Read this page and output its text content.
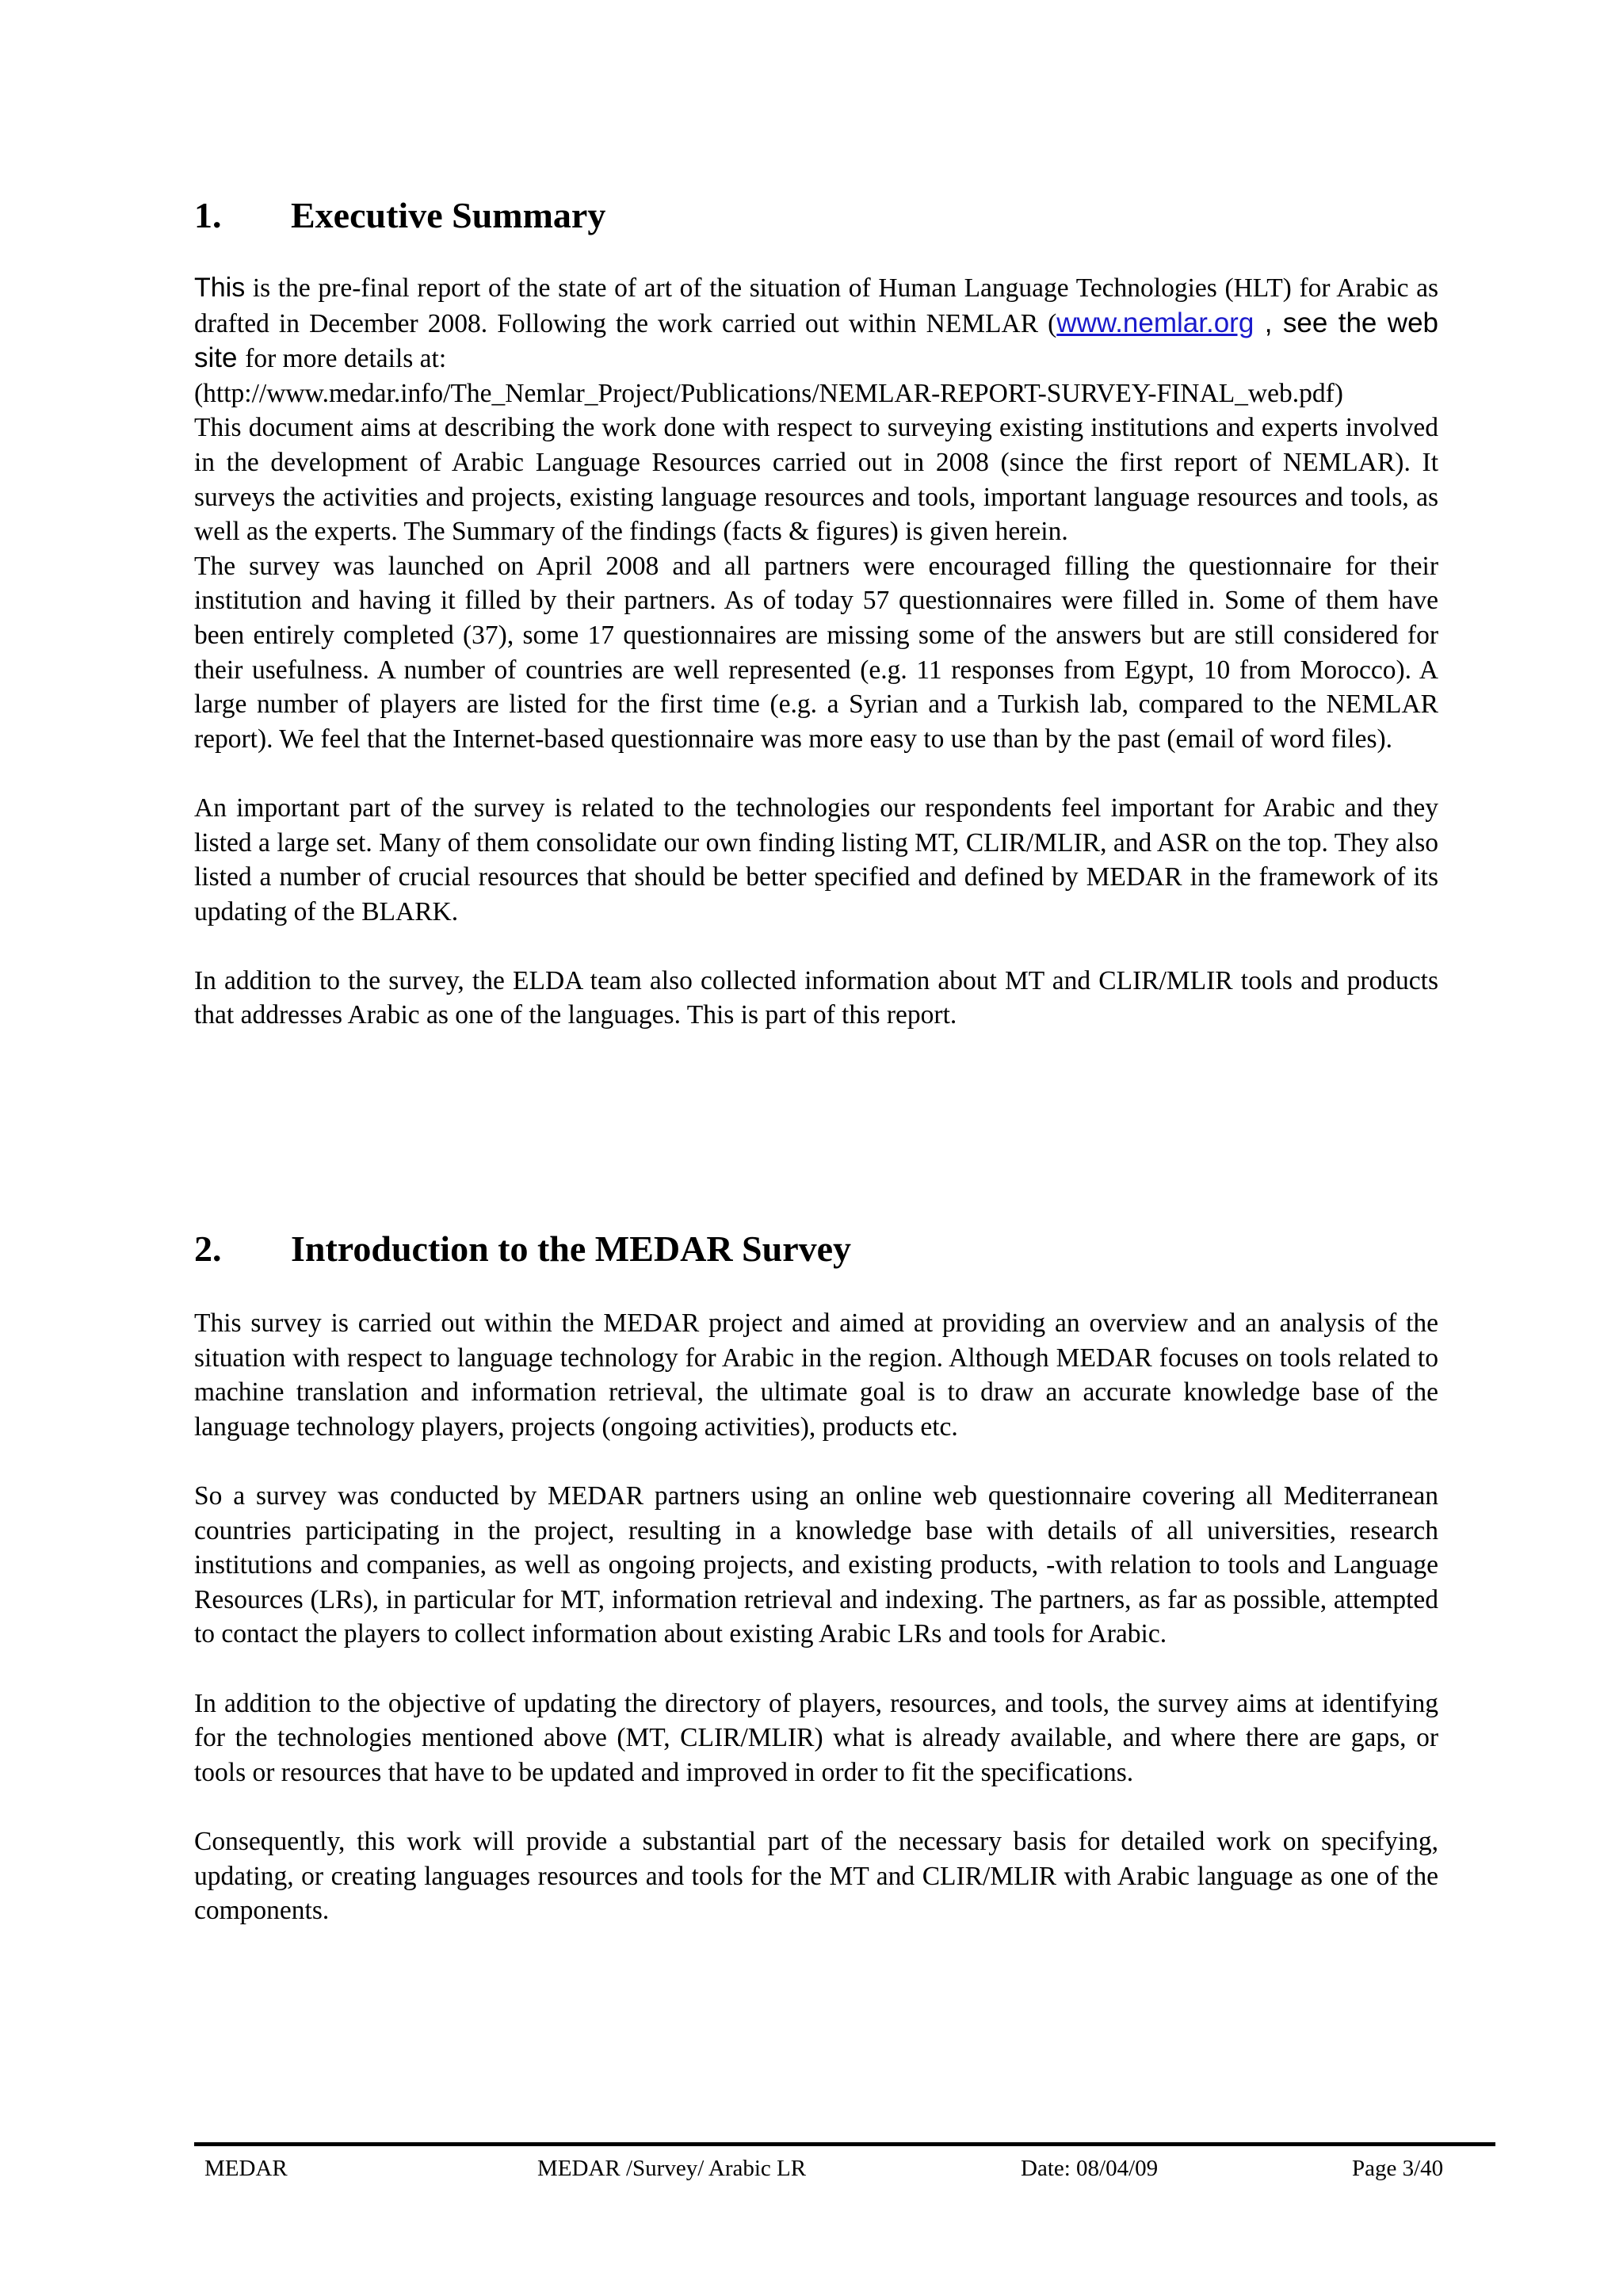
1.	Executive Summary

This is the pre-final report of the state of art of the situation of Human Language Technologies (HLT) for Arabic as drafted in December 2008. Following the work carried out within NEMLAR (www.nemlar.org , see the web site for more details at:

(http://www.medar.info/The_Nemlar_Project/Publications/NEMLAR-REPORT-SURVEY-FINAL_web.pdf)

This document aims at describing the work done with respect to surveying existing institutions and experts involved in the development of Arabic Language Resources carried out in 2008 (since the first report of NEMLAR). It surveys the activities and projects, existing language resources and tools, important language resources and tools, as well as the experts. The Summary of the findings (facts & figures) is given herein.

The survey was launched on April 2008 and all partners were encouraged filling the questionnaire for their institution and having it filled by their partners. As of today 57 questionnaires were filled in. Some of them have been entirely completed (37), some 17 questionnaires are missing some of the answers but are still considered for their usefulness. A number of countries are well represented (e.g. 11 responses from Egypt, 10 from Morocco). A large number of players are listed for the first time (e.g. a Syrian and a Turkish lab, compared to the NEMLAR report). We feel that the Internet-based questionnaire was more easy to use than by the past (email of word files).

An important part of the survey is related to the technologies our respondents feel important for Arabic and they listed a large set. Many of them consolidate our own finding listing MT, CLIR/MLIR, and ASR on the top. They also listed a number of crucial resources that should be better specified and defined by MEDAR in the framework of its updating of the BLARK.

In addition to the survey, the ELDA team also collected information about MT and CLIR/MLIR tools and products that addresses Arabic as one of the languages. This is part of this report.

2.	Introduction to the MEDAR Survey

This survey is carried out within the MEDAR project and aimed at providing an overview and an analysis of the situation with respect to language technology for Arabic in the region. Although MEDAR focuses on tools related to machine translation and information retrieval, the ultimate goal is to draw an accurate knowledge base of the language technology players, projects (ongoing activities), products etc.

So a survey was conducted by MEDAR partners using an online web questionnaire covering all Mediterranean countries participating in the project, resulting in a knowledge base with details of all universities, research institutions and companies, as well as ongoing projects, and existing products, -with relation to tools and Language Resources (LRs), in particular for MT, information retrieval and indexing. The partners, as far as possible, attempted to contact the players to collect information about existing Arabic LRs and tools for Arabic.

In addition to the objective of updating the directory of players, resources, and tools, the survey aims at identifying for the technologies mentioned above (MT, CLIR/MLIR) what is already available, and where there are gaps, or tools or resources that have to be updated and improved in order to fit the specifications.

Consequently, this work will provide a substantial part of the necessary basis for detailed work on specifying, updating, or creating languages resources and tools for the MT and CLIR/MLIR with Arabic language as one of the components.

MEDAR	MEDAR /Survey/ Arabic LR	Date: 08/04/09	Page 3/40
